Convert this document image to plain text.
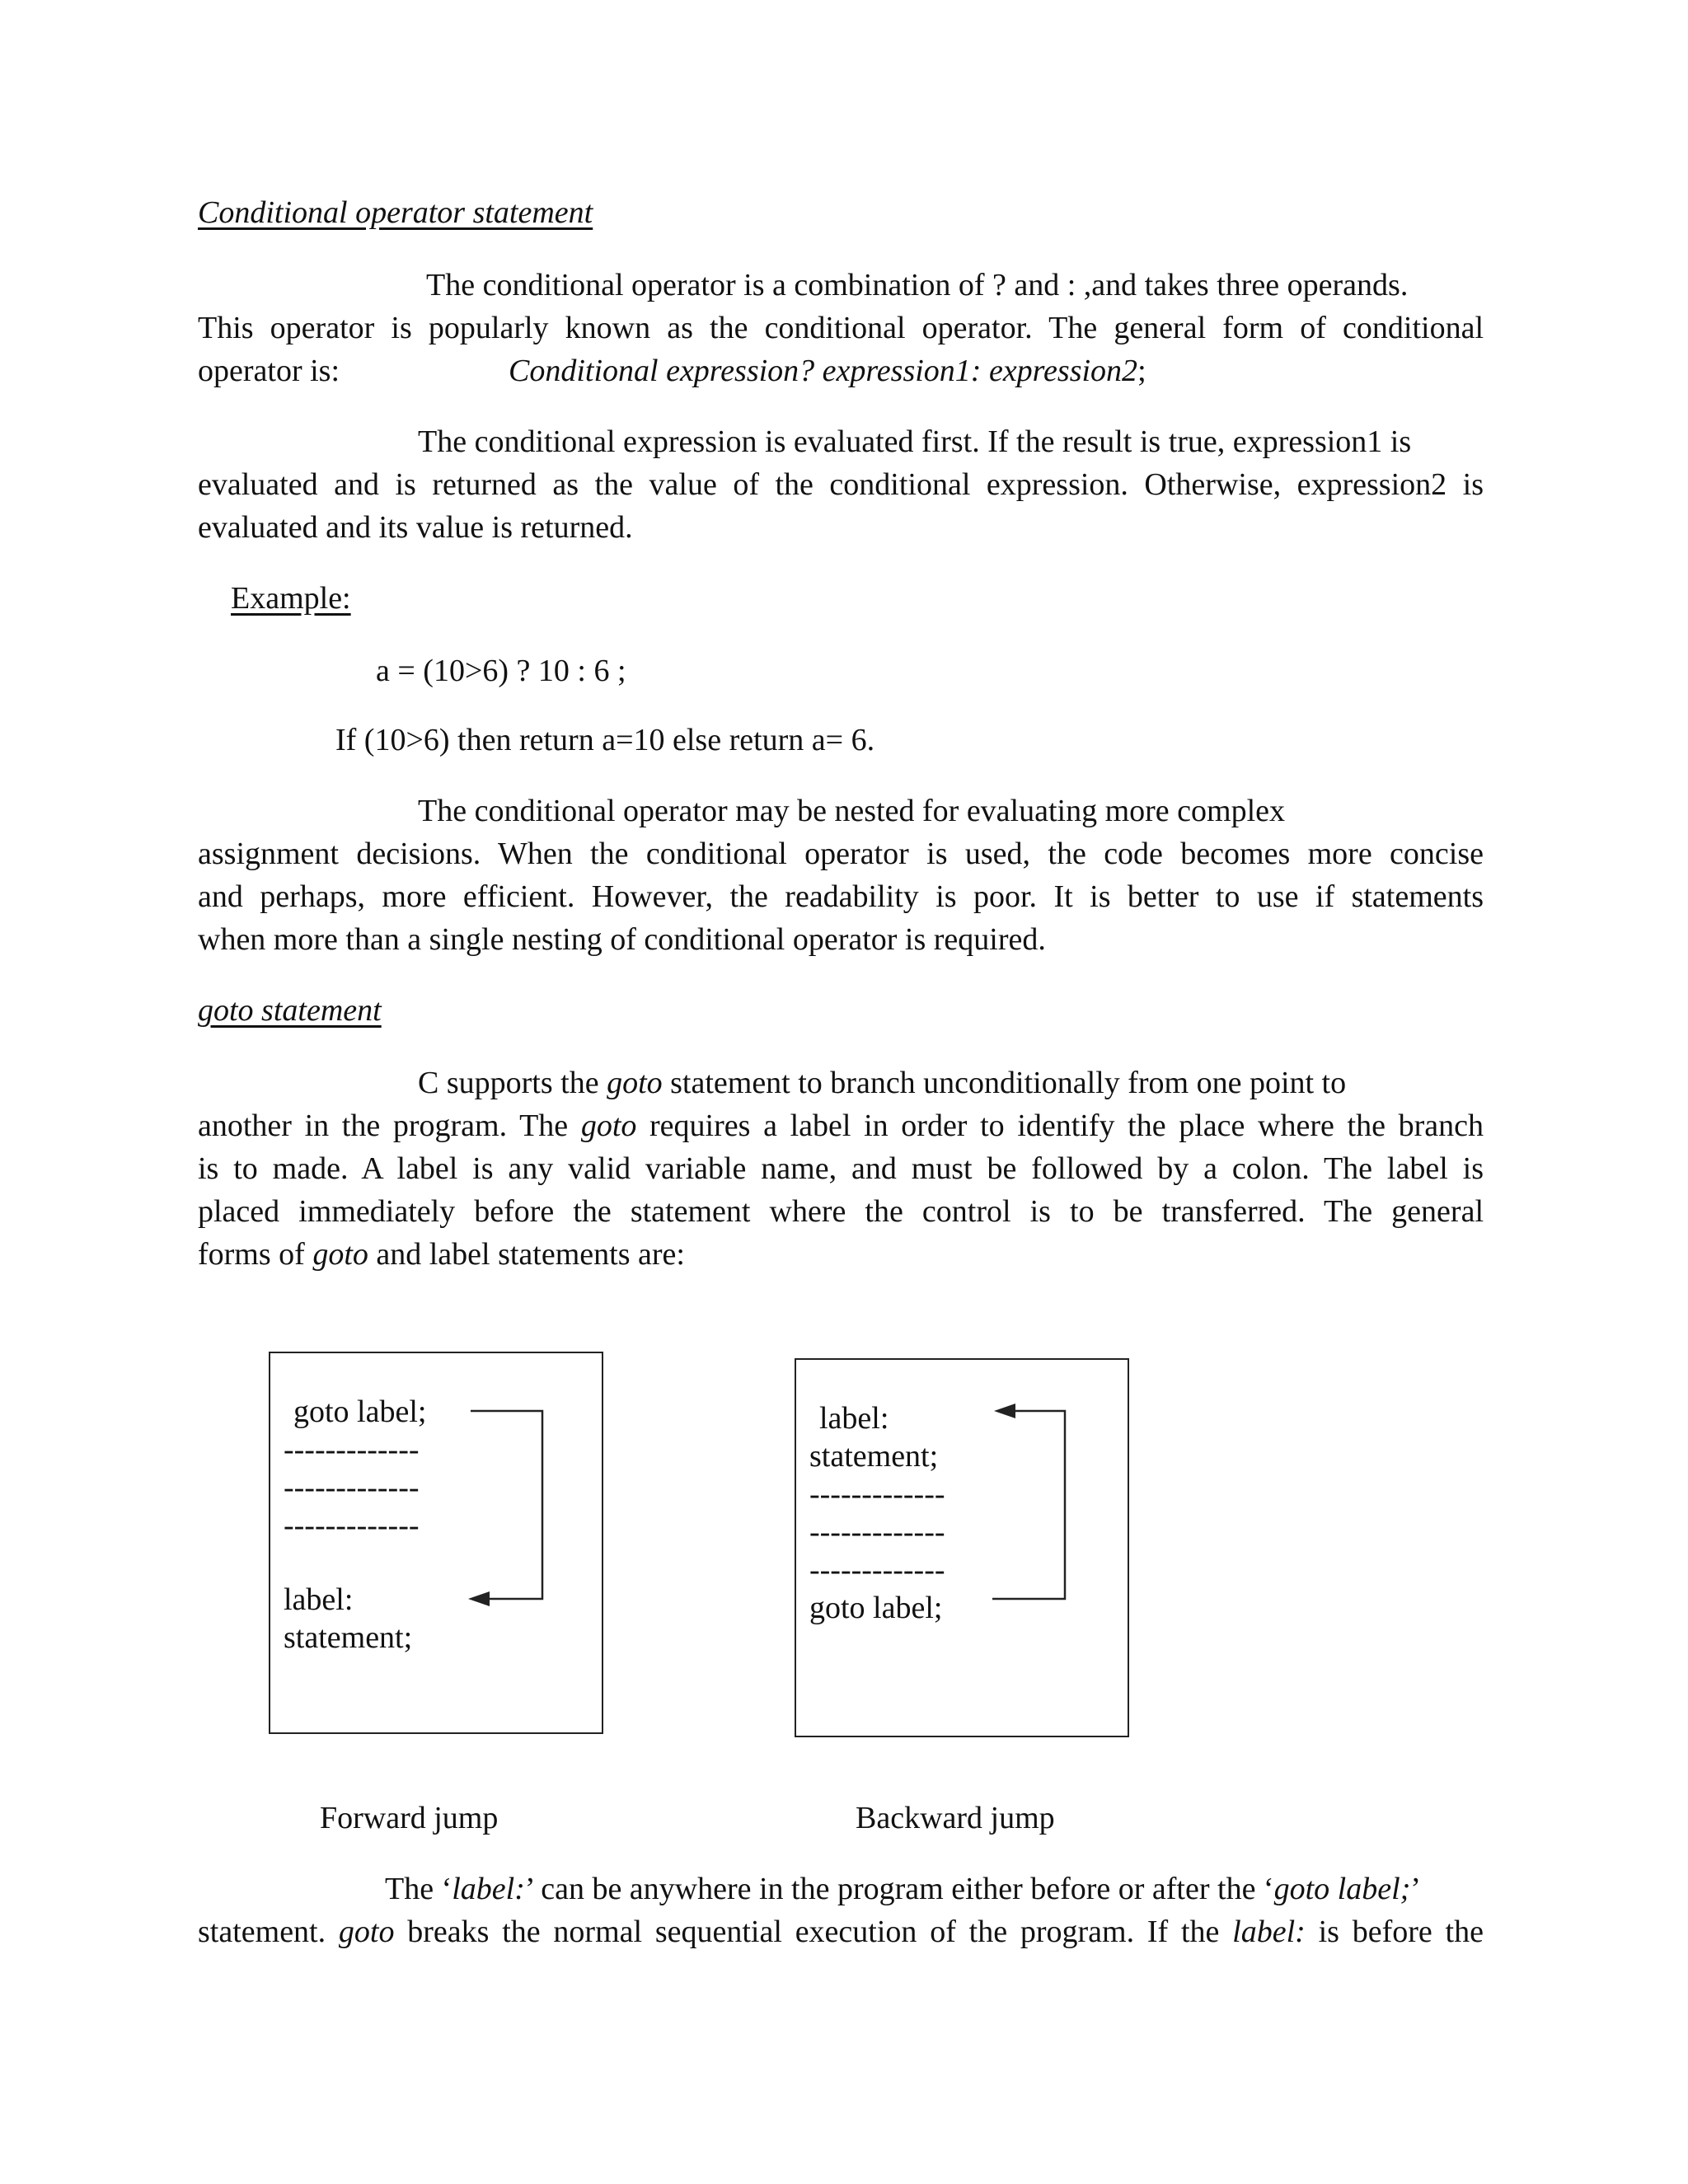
Conditional operator statement
The conditional operator is a combination of ? and : ,and takes three operands.
This operator is popularly known as the conditional operator. The general form of conditional
operator is:	Conditional expression? expression1: expression2;
The conditional expression is evaluated first. If the result is true, expression1 is
evaluated and is returned as the value of the conditional expression. Otherwise, expression2 is
evaluated and its value is returned.
Example:
a = (10>6) ? 10 : 6 ;
If (10>6) then return a=10 else return a= 6.
The conditional operator may be nested for evaluating more complex
assignment decisions. When the conditional operator is used, the code becomes more concise
and perhaps, more efficient. However, the readability is poor. It is better to use if statements
when more than a single nesting of conditional operator is required.
goto statement
C supports the goto statement to branch unconditionally from one point to
another in the program. The goto requires a label in order to identify the place where the branch
is to made. A label is any valid variable name, and must be followed by a colon. The label is
placed immediately before the statement where the control is to be transferred. The general
forms of goto and label statements are:
goto label;
-------------
-------------
-------------
label:
statement;
Forward jump
label:
statement;
-------------
-------------
-------------
goto label;
Backward jump
The ‘label:’ can be anywhere in the program either before or after the ‘goto label;’
statement. goto breaks the normal sequential execution of the program. If the label: is before the
